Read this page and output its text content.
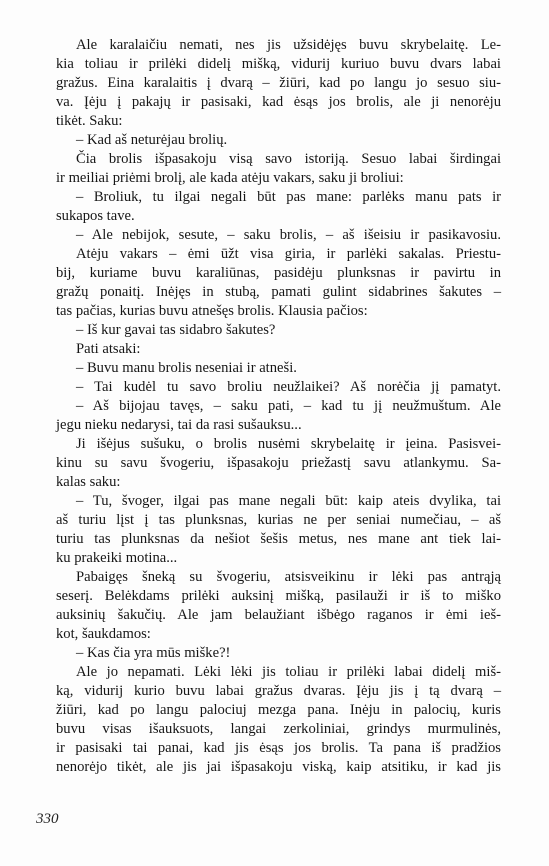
Ale karalaičiu nemati, nes jis užsidėjęs buvu skrybelaitę. Le-
kia toliau ir prilėki didelį mišką, vidurij kuriuo buvu dvars labai
gražus. Eina karalaitis į dvarą – žiūri, kad po langu jo sesuo siu-
va. Įėju į pakajų ir pasisaki, kad ėsąs jos brolis, ale ji nenorėju
tikėt. Saku:
– Kad aš neturėjau brolių.
Čia brolis išpasakoju visą savo istoriją. Sesuo labai širdingai
ir meiliai priėmi brolį, ale kada atėju vakars, saku ji broliui:
– Broliuk, tu ilgai negali būt pas mane: parlėks manu pats ir
sukapos tave.
– Ale nebijok, sesute, – saku brolis, – aš išeisiu ir pasikavosiu.
Atėju vakars – ėmi ūžt visa giria, ir parlėki sakalas. Priestu-
bij, kuriame buvu karaliūnas, pasidėju plunksnas ir pavirtu in
gražų ponaitį. Inėjęs in stubą, pamati gulint sidabrines šakutes –
tas pačias, kurias buvu atnešęs brolis. Klausia pačios:
– Iš kur gavai tas sidabro šakutes?
Pati atsaki:
– Buvu manu brolis neseniai ir atneši.
– Tai kudėl tu savo broliu neužlaikei? Aš norėčia jį pamatyt.
– Aš bijojau tavęs, – saku pati, – kad tu jį neužmuštum. Ale
jegu nieku nedarysi, tai da rasi sušauksu...
Ji išėjus sušuku, o brolis nusėmi skrybelaitę ir įeina. Pasisvei-
kinu su savu švogeriu, išpasakoju priežastį savu atlankymu. Sa-
kalas saku:
– Tu, švoger, ilgai pas mane negali būt: kaip ateis dvylika, tai
aš turiu lįst į tas plunksnas, kurias ne per seniai numečiau, – aš
turiu tas plunksnas da nešiot šešis metus, nes mane ant tiek lai-
ku prakeiki motina...
Pabaigęs šneką su švogeriu, atsisveikinu ir lėki pas antrąją
seserį. Belėkdams prilėki auksinį mišką, pasilauži ir iš to miško
auksinių šakučių. Ale jam belaužiant išbėgo raganos ir ėmi ieš-
kot, šaukdamos:
– Kas čia yra mūs miške?!
Ale jo nepamati. Lėki lėki jis toliau ir prilėki labai didelį miš-
ką, vidurij kurio buvu labai gražus dvaras. Įėju jis į tą dvarą –
žiūri, kad po langu palociuj mezga pana. Inėju in palocių, kuris
buvu visas išauksuots, langai zerkoliniai, grindys murmulinės,
ir pasisaki tai panai, kad jis ėsąs jos brolis. Ta pana iš pradžios
nenorėjo tikėt, ale jis jai išpasakoju viską, kaip atsitiku, ir kad jis
330
